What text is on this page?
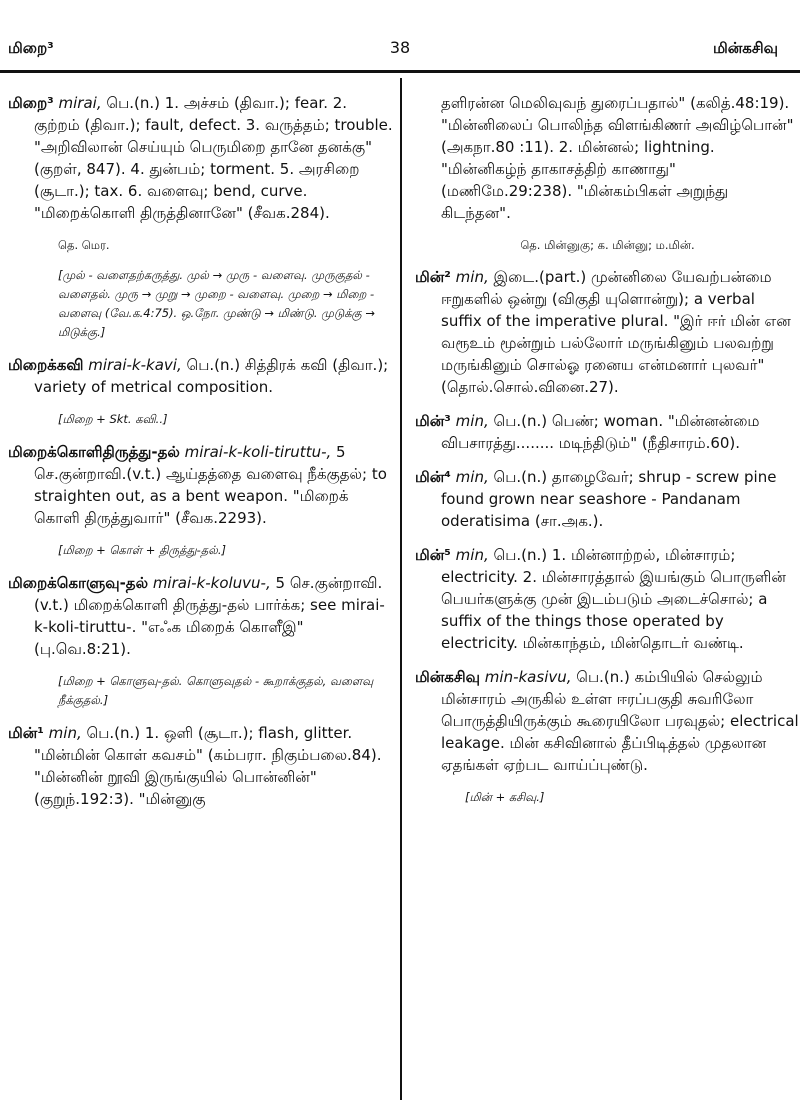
மிறை³	38	மின்கசிவு

மிறை³ mirai, பெ.(n.) 1. அச்சம் (திவா.); fear. 2. குற்றம் (திவா.); fault, defect. 3. வருத்தம்; trouble. "அறிவிலான் செய்யும் பெருமிறை தானே தனக்கு" (குறள், 847). 4. துன்பம்; torment. 5. அரசிறை (சூடா.); tax. 6. வளைவு; bend, curve. "மிறைக்கொளி திருத்தினானே" (சீவக.284).

தெ. மெர.

[முல் - வளைதற்கருத்து. முல் → முரு - வளைவு. முருகுதல் - வளைதல். முரு → முறு → முறை - வளைவு. முறை → மிறை - வளைவு (வே.க.4:75). ஒ.நோ. முண்டு → மிண்டு. முடுக்கு → மிடுக்கு.]

மிறைக்கவி mirai-k-kavi, பெ.(n.) சித்திரக் கவி (திவா.); variety of metrical composition.

[மிறை + Skt. கவி..]

மிறைக்கொளிதிருத்து-தல் mirai-k-koli-tiruttu-, 5 செ.குன்றாவி.(v.t.) ஆய்தத்தை வளைவு நீக்குதல்; to straighten out, as a bent weapon. "மிறைக் கொளி திருத்துவார்" (சீவக.2293).

[மிறை + கொள் + திருத்து-தல்.]

மிறைக்கொளுவு-தல் mirai-k-koluvu-, 5 செ.குன்றாவி.(v.t.) மிறைக்கொளி திருத்து-தல் பார்க்க; see mirai-k-koli-tiruttu-. "எஃக மிறைக் கொளீஇ" (பு.வெ.8:21).

[மிறை + கொளுவு-தல். கொளுவுதல் - கூறாக்குதல், வளைவு நீக்குதல்.]

மின்¹ min, பெ.(n.) 1. ஒளி (சூடா.); flash, glitter. "மின்மின் கொள் கவசம்" (கம்பரா. நிகும்பலை.84). "மின்னின் றூவி இருங்குயில் பொன்னின்" (குறுந்.192:3). "மின்னுகு

தளிரன்ன மெலிவுவந் துரைப்பதால்" (கலித்.48:19). "மின்னிலைப் பொலிந்த விளங்கிணர் அவிழ்பொன்" (அகநா.80 :11). 2. மின்னல்; lightning. "மின்னிகழ்ந் தாகாசத்திற் காணாது" (மணிமே.29:238). "மின்கம்பிகள் அறுந்து கிடந்தன".

தெ. மின்னுகு; க. மின்னு; ம.மின்.

மின்² min, இடை.(part.) முன்னிலை யேவற்பன்மை ஈறுகளில் ஒன்று (விகுதி யுளொன்று); a verbal suffix of the imperative plural. "இர் ஈர் மின் என வரூஉம் மூன்றும் பல்லோர் மருங்கினும் பலவற்று மருங்கினும் சொல்ஓ ரனைய என்மனார் புலவர்" (தொல்.சொல்.வினை.27).

மின்³ min, பெ.(n.) பெண்; woman. "மின்னன்மை விபசாரத்து........ மடிந்திடும்" (நீதிசாரம்.60).

மின்⁴ min, பெ.(n.) தாழைவேர்; shrup - screw pine found grown near seashore - Pandanam oderatisima (சா.அக.).

மின்⁵ min, பெ.(n.) 1. மின்னாற்றல், மின்சாரம்; electricity. 2. மின்சாரத்தால் இயங்கும் பொருளின் பெயர்களுக்கு முன் இடம்படும் அடைச்சொல்; a suffix of the things those operated by electricity. மின்காந்தம், மின்தொடர் வண்டி.

மின்கசிவு min-kasivu, பெ.(n.) கம்பியில் செல்லும் மின்சாரம் அருகில் உள்ள ஈரப்பகுதி சுவரிலோ பொருத்தியிருக்கும் கூரையிலோ பரவுதல்; electrical leakage. மின் கசிவினால் தீப்பிடித்தல் முதலான ஏதங்கள் ஏற்பட வாய்ப்புண்டு.

[மின் + கசிவு.]
